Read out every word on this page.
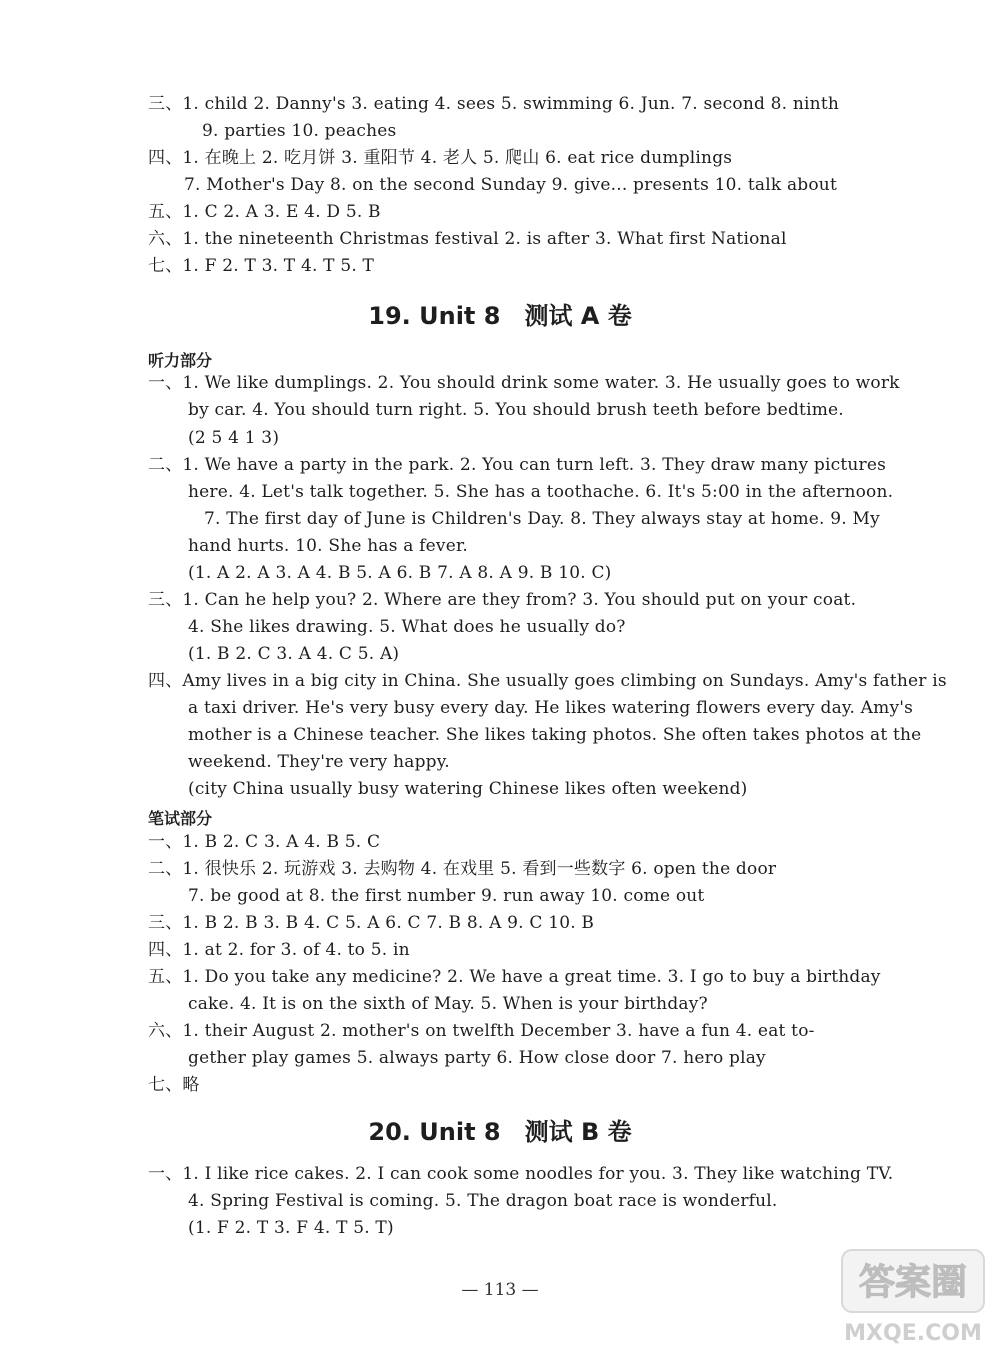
三、1. child 2. Danny's 3. eating 4. sees 5. swimming 6. Jun. 7. second 8. ninth
9. parties 10. peaches
四、1. 在晚上 2. 吃月饼 3. 重阳节 4. 老人 5. 爬山 6. eat rice dumplings
7. Mother's Day 8. on the second Sunday 9. give... presents 10. talk about
五、1. C 2. A 3. E 4. D 5. B
六、1. the nineteenth Christmas festival 2. is after 3. What first National
七、1. F 2. T 3. T 4. T 5. T
19. Unit 8　测试 A 卷
听力部分
一、1. We like dumplings. 2. You should drink some water. 3. He usually goes to work
by car. 4. You should turn right. 5. You should brush teeth before bedtime.
(2 5 4 1 3)
二、1. We have a party in the park. 2. You can turn left. 3. They draw many pictures
here. 4. Let's talk together. 5. She has a toothache. 6. It's 5:00 in the afternoon.
7. The first day of June is Children's Day. 8. They always stay at home. 9. My
hand hurts. 10. She has a fever.
(1. A 2. A 3. A 4. B 5. A 6. B 7. A 8. A 9. B 10. C)
三、1. Can he help you? 2. Where are they from? 3. You should put on your coat.
4. She likes drawing. 5. What does he usually do?
(1. B 2. C 3. A 4. C 5. A)
四、Amy lives in a big city in China. She usually goes climbing on Sundays. Amy's father is
a taxi driver. He's very busy every day. He likes watering flowers every day. Amy's
mother is a Chinese teacher. She likes taking photos. She often takes photos at the
weekend. They're very happy.
(city China usually busy watering Chinese likes often weekend)
笔试部分
一、1. B 2. C 3. A 4. B 5. C
二、1. 很快乐 2. 玩游戏 3. 去购物 4. 在戏里 5. 看到一些数字 6. open the door
7. be good at 8. the first number 9. run away 10. come out
三、1. B 2. B 3. B 4. C 5. A 6. C 7. B 8. A 9. C 10. B
四、1. at 2. for 3. of 4. to 5. in
五、1. Do you take any medicine? 2. We have a great time. 3. I go to buy a birthday
cake. 4. It is on the sixth of May. 5. When is your birthday?
六、1. their August 2. mother's on twelfth December 3. have a fun 4. eat to-
gether play games 5. always party 6. How close door 7. hero play
七、略
20. Unit 8　测试 B 卷
一、1. I like rice cakes. 2. I can cook some noodles for you. 3. They like watching TV.
4. Spring Festival is coming. 5. The dragon boat race is wonderful.
(1. F 2. T 3. F 4. T 5. T)
— 113 —	答案圈
MXQE.COM
